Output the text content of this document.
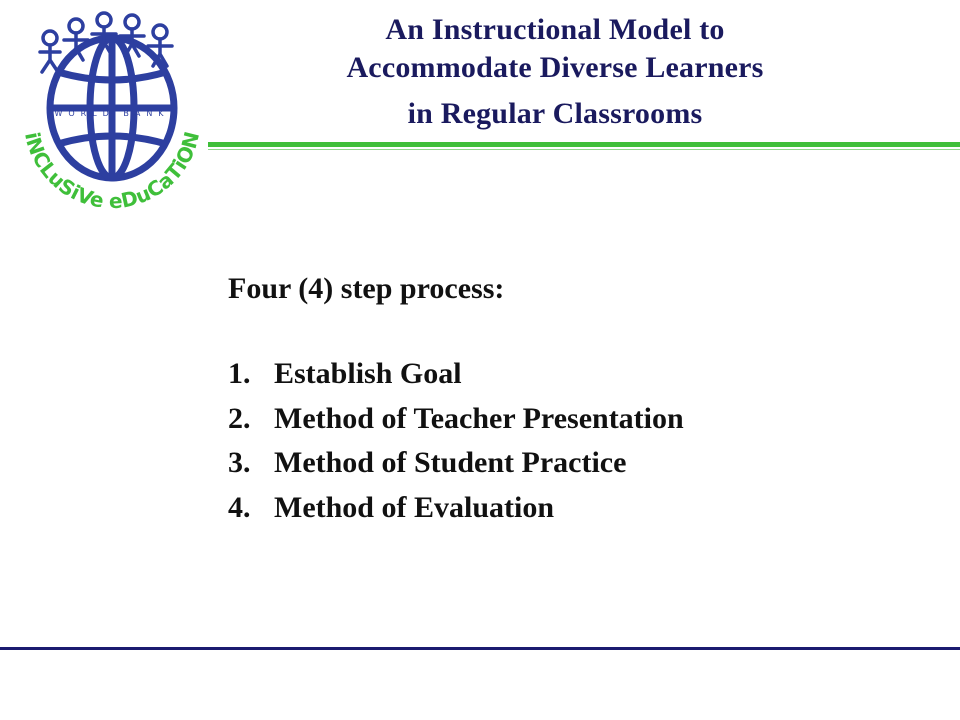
WORLD BANK
iNCLuSiVe eDuCaTiON
An Instructional Model to
Accommodate Diverse Learners
in Regular Classrooms
Four (4) step process:
1. Establish Goal
2. Method of Teacher Presentation
3. Method of Student Practice
4. Method of Evaluation
